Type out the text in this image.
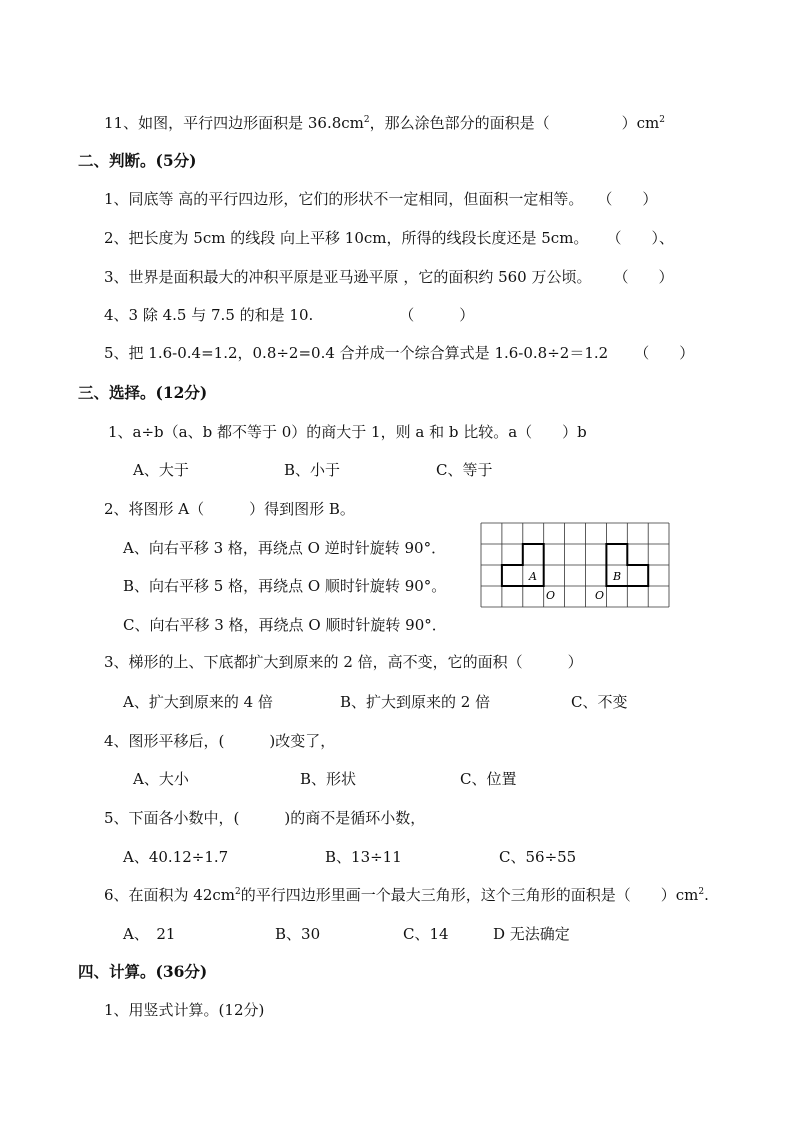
11、如图，平行四边形面积是 $36.8cm^2$，那么涂色部分的面积是（	）$cm^2$
二、判断。(5分)
1、同底等 高的平行四边形，它们的形状不一定相同，但面积一定相等。 （　　）
2、把长度为 5cm 的线段 向上平移 10cm，所得的线段长度还是 5cm。 （　　）、
3、世界是面积最大的冲积平原是亚马逊平原 ，它的面积约 560 万公顷。 （　　）
4、3 除 4.5 与 7.5 的和是 10.	（　　　）
5、把 1.6-0.4=1.2，0.8÷2=0.4 合并成一个综合算式是 1.6-0.8÷2＝1.2 （　　）
三、选择。(12分)
1、a÷b（a、b 都不等于 0）的商大于 1，则 a 和 b 比较。a（　　）b
A、大于	B、小于	C、等于
2、将图形 A（　　　）得到图形 B。
A、向右平移 3 格，再绕点 O 逆时针旋转 90°．
B、向右平移 5 格，再绕点 O 顺时针旋转 90°。
C、向右平移 3 格，再绕点 O 顺时针旋转 90°．
A	B
O	O
3、梯形的上、下底都扩大到原来的 2 倍，高不变，它的面积（　　　）
A、扩大到原来的 4 倍	B、扩大到原来的 2 倍	C、不变
4、图形平移后，(　　　)改变了，
A、大小	B、形状	C、位置
5、下面各小数中，(　　　)的商不是循环小数，
A、40.12÷1.7	B、13÷11	C、56÷55
6、在面积为 $42cm^2$的平行四边形里画一个最大三角形，这个三角形的面积是（　　）$cm^2$.
A、　21	B、30	C、14	D 无法确定
四、计算。(36分)
1、用竖式计算。(12分)
